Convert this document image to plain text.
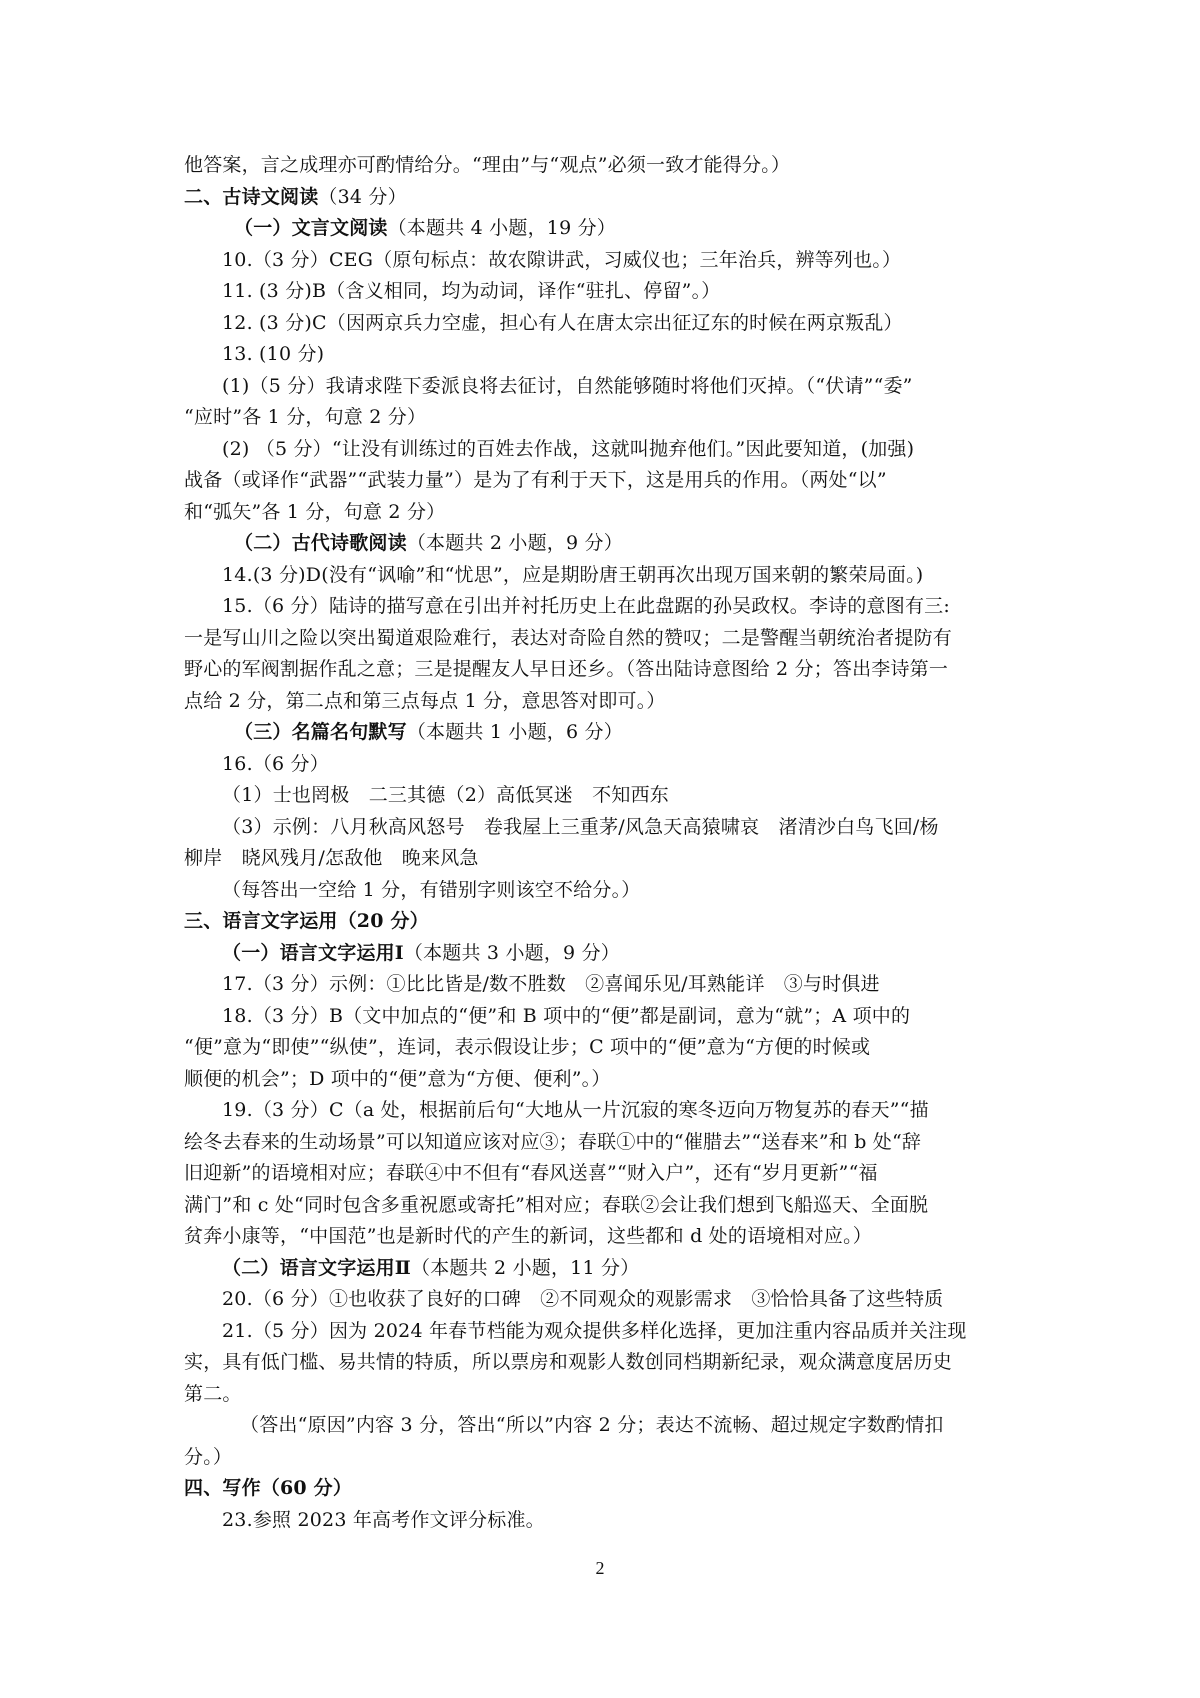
他答案，言之成理亦可酌情给分。“理由”与“观点”必须一致才能得分。）
二、古诗文阅读（34 分）
（一）文言文阅读（本题共 4 小题，19 分）
10.（3 分）CEG（原句标点：故农隙讲武，习威仪也；三年治兵，辨等列也。）
11. (3 分)B（含义相同，均为动词，译作“驻扎、停留”。）
12. (3 分)C（因两京兵力空虚，担心有人在唐太宗出征辽东的时候在两京叛乱）
13. (10 分)
(1)（5 分）我请求陛下委派良将去征讨，自然能够随时将他们灭掉。（“伏请”“委”
“应时”各 1 分，句意 2 分）
(2) （5 分）“让没有训练过的百姓去作战，这就叫抛弃他们。”因此要知道，(加强)
战备（或译作“武器”“武装力量”）是为了有利于天下，这是用兵的作用。（两处“以”
和“弧矢”各 1 分，句意 2 分）
（二）古代诗歌阅读（本题共 2 小题，9 分）
14.(3 分)D(没有“讽喻”和“忧思”，应是期盼唐王朝再次出现万国来朝的繁荣局面。)
15.（6 分）陆诗的描写意在引出并衬托历史上在此盘踞的孙吴政权。李诗的意图有三:
一是写山川之险以突出蜀道艰险难行，表达对奇险自然的赞叹；二是警醒当朝统治者提防有
野心的军阀割据作乱之意；三是提醒友人早日还乡。（答出陆诗意图给 2 分；答出李诗第一
点给 2 分，第二点和第三点每点 1 分，意思答对即可。）
（三）名篇名句默写（本题共 1 小题，6 分）
16.（6 分）
（1）士也罔极　二三其德（2）高低冥迷　不知西东
（3）示例：八月秋高风怒号　卷我屋上三重茅/风急天高猿啸哀　渚清沙白鸟飞回/杨
柳岸　晓风残月/怎敌他　晚来风急
（每答出一空给 1 分，有错别字则该空不给分。）
三、语言文字运用（20 分）
（一）语言文字运用Ⅰ（本题共 3 小题，9 分）
17.（3 分）示例：①比比皆是/数不胜数　②喜闻乐见/耳熟能详　③与时俱进
18.（3 分）B（文中加点的“便”和 B 项中的“便”都是副词，意为“就”；A 项中的
“便”意为“即使”“纵使”，连词，表示假设让步；C 项中的“便”意为“方便的时候或
顺便的机会”；D 项中的“便”意为“方便、便利”。）
19.（3 分）C（a 处，根据前后句“大地从一片沉寂的寒冬迈向万物复苏的春天”“描
绘冬去春来的生动场景”可以知道应该对应③；春联①中的“催腊去”“送春来”和 b 处“辞
旧迎新”的语境相对应；春联④中不但有“春风送喜”“财入户”，还有“岁月更新”“福
满门”和 c 处“同时包含多重祝愿或寄托”相对应；春联②会让我们想到飞船巡天、全面脱
贫奔小康等，“中国范”也是新时代的产生的新词，这些都和 d 处的语境相对应。）
（二）语言文字运用Ⅱ（本题共 2 小题，11 分）
20.（6 分）①也收获了良好的口碑　②不同观众的观影需求　③恰恰具备了这些特质
21.（5 分）因为 2024 年春节档能为观众提供多样化选择，更加注重内容品质并关注现
实，具有低门槛、易共情的特质，所以票房和观影人数创同档期新纪录，观众满意度居历史
第二。
（答出“原因”内容 3 分，答出“所以”内容 2 分；表达不流畅、超过规定字数酌情扣
分。）
四、写作（60 分）
23.参照 2023 年高考作文评分标准。
2
